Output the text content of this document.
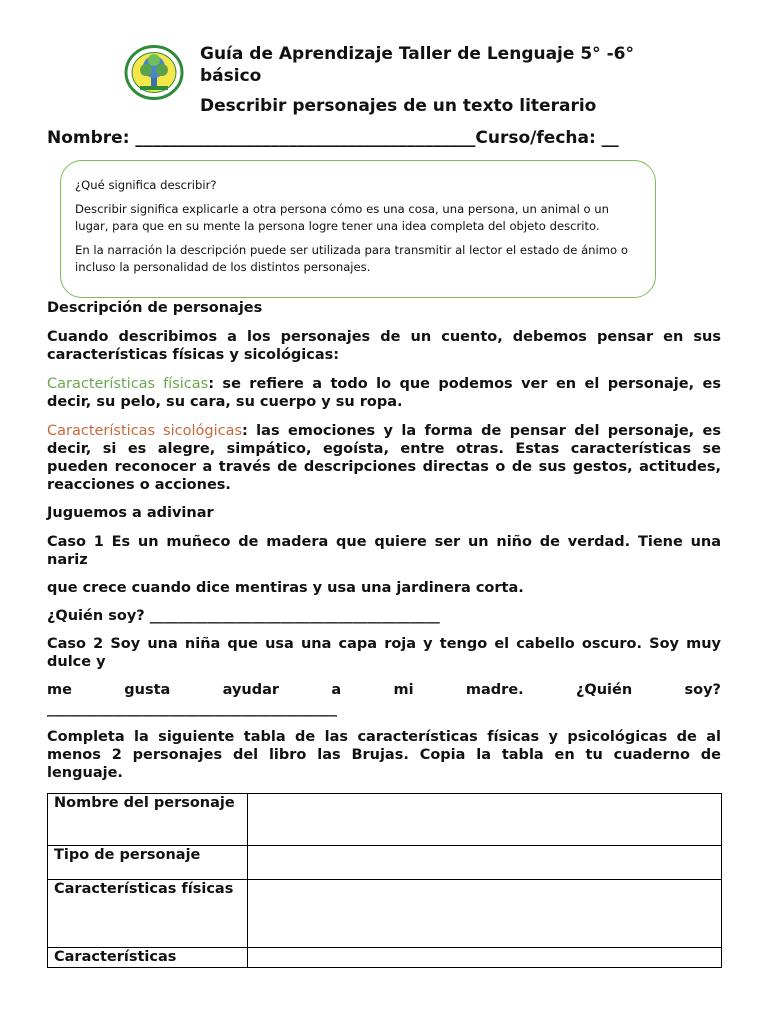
Guía de Aprendizaje Taller de Lenguaje 5° -6°
básico
Describir personajes de un texto literario
Nombre: ________________________________________Curso/fecha: __

¿Qué significa describir?

Describir significa explicarle a otra persona cómo es una cosa, una persona, un animal o un lugar, para que en su mente la persona logre tener una idea completa del objeto descrito.

En la narración la descripción puede ser utilizada para transmitir al lector el estado de ánimo o incluso la personalidad de los distintos personajes.

Descripción de personajes

Cuando describimos a los personajes de un cuento, debemos pensar en sus características físicas y sicológicas:

Características físicas: se refiere a todo lo que podemos ver en el personaje, es decir, su pelo, su cara, su cuerpo y su ropa.

Características sicológicas: las emociones y la forma de pensar del personaje, es decir, si es alegre, simpático, egoísta, entre otras. Estas características se pueden reconocer a través de descripciones directas o de sus gestos, actitudes, reacciones o acciones.

Juguemos a adivinar

Caso 1 Es un muñeco de madera que quiere ser un niño de verdad. Tiene una nariz

que crece cuando dice mentiras y usa una jardinera corta.

¿Quién soy? ________________________________________

Caso 2 Soy una niña que usa una capa roja y tengo el cabello oscuro. Soy muy dulce y

me	gusta	ayudar	a	mi	madre.	¿Quién	soy?

________________________________________

Completa la siguiente tabla de las características físicas y psicológicas de al menos 2 personajes del libro las Brujas. Copia la tabla en tu cuaderno de lenguaje.

Nombre del personaje	
Tipo de personaje	
Características físicas	
Características	
